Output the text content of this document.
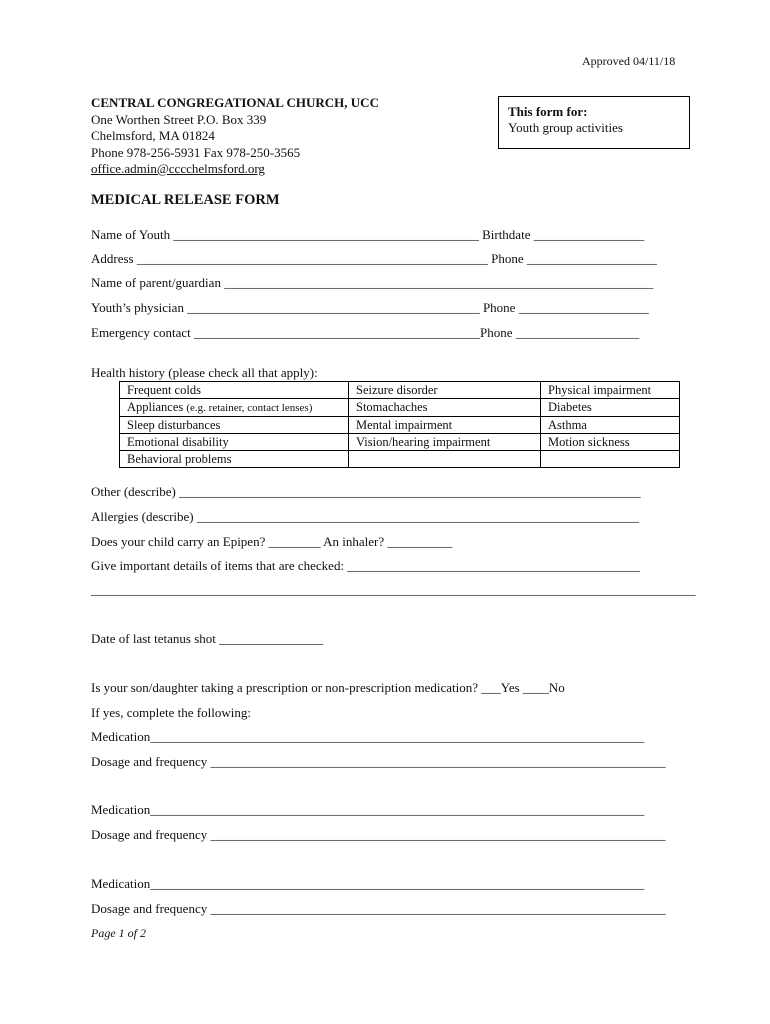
Approved 04/11/18
CENTRAL CONGREGATIONAL CHURCH, UCC
One Worthen Street P.O. Box 339
Chelmsford, MA 01824
Phone 978-256-5931 Fax 978-250-3565
office.admin@cccchelmsford.org
This form for:
Youth group activities
MEDICAL RELEASE FORM
Name of Youth _______________________________________________ Birthdate _________________
Address ______________________________________________________ Phone ____________________
Name of parent/guardian __________________________________________________________________
Youth’s physician _____________________________________________ Phone ____________________
Emergency contact ____________________________________________Phone ___________________
Health history (please check all that apply):
Frequent colds	Seizure disorder	Physical impairment
Appliances (e.g. retainer, contact lenses)	Stomachaches	Diabetes
Sleep disturbances	Mental impairment	Asthma
Emotional disability	Vision/hearing impairment	Motion sickness
Behavioral problems		
Other (describe) _______________________________________________________________________
Allergies (describe) ____________________________________________________________________
Does your child carry an Epipen? ________ An inhaler? __________
Give important details of items that are checked: _____________________________________________
_____________________________________________________________________________________________
Date of last tetanus shot ________________
Is your son/daughter taking a prescription or non-prescription medication? ___Yes ____No
If yes, complete the following:
Medication____________________________________________________________________________
Dosage and frequency ______________________________________________________________________
Medication____________________________________________________________________________
Dosage and frequency ______________________________________________________________________
Medication____________________________________________________________________________
Dosage and frequency ______________________________________________________________________
Page 1 of 2
